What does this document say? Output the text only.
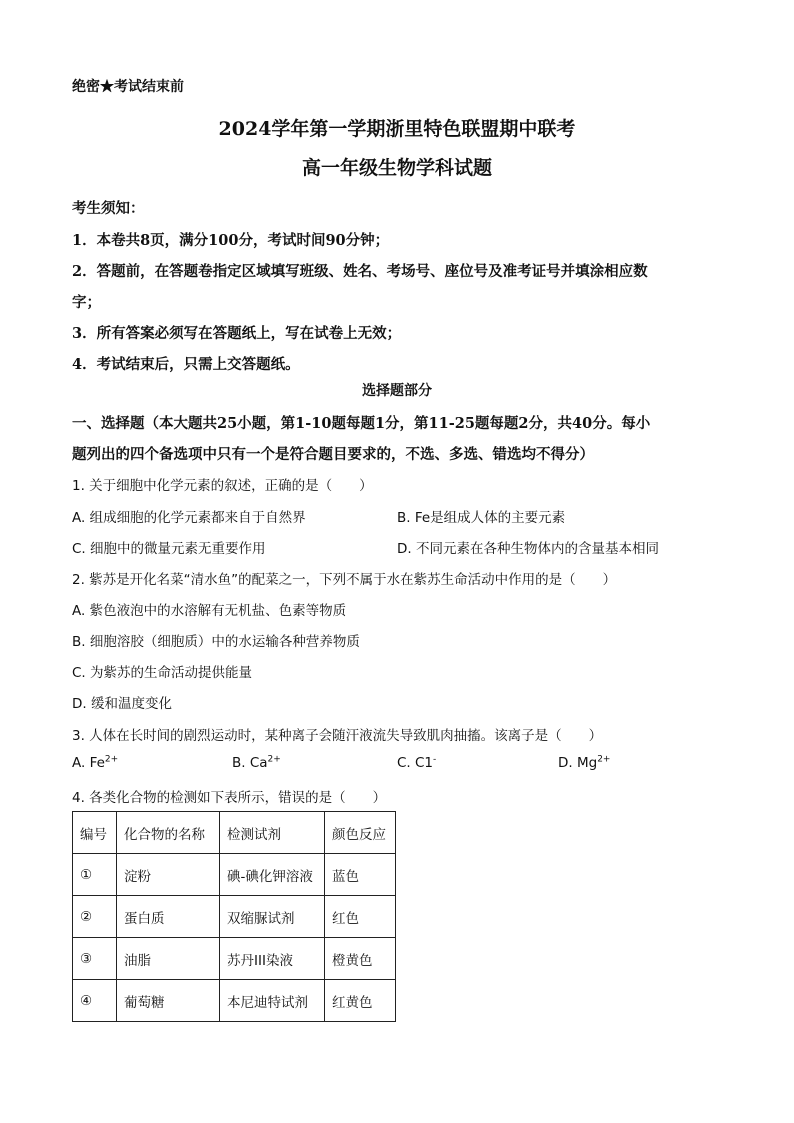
绝密★考试结束前
2024学年第一学期浙里特色联盟期中联考
高一年级生物学科试题
考生须知：
1．本卷共8页，满分100分，考试时间90分钟；
2．答题前，在答题卷指定区域填写班级、姓名、考场号、座位号及准考证号并填涂相应数
字；
3．所有答案必须写在答题纸上，写在试卷上无效；
4．考试结束后，只需上交答题纸。
选择题部分
一、选择题（本大题共25小题，第1-10题每题1分，第11-25题每题2分，共40分。每小
题列出的四个备选项中只有一个是符合题目要求的，不选、多选、错选均不得分）
1. 关于细胞中化学元素的叙述，正确的是（　　）
A. 组成细胞的化学元素都来自于自然界	B. Fe是组成人体的主要元素
C. 细胞中的微量元素无重要作用	D. 不同元素在各种生物体内的含量基本相同
2. 紫苏是开化名菜“清水鱼”的配菜之一，下列不属于水在紫苏生命活动中作用的是（　　）
A. 紫色液泡中的水溶解有无机盐、色素等物质
B. 细胞溶胶（细胞质）中的水运输各种营养物质
C. 为紫苏的生命活动提供能量
D. 缓和温度变化
3. 人体在长时间的剧烈运动时，某种离子会随汗液流失导致肌肉抽搐。该离子是（　　）
A. $Fe^{2+}$	B. $Ca^{2+}$	C. C1-	D. $Mg^{2+}$
4. 各类化合物的检测如下表所示，错误的是（　　）
编号	化合物的名称	检测试剂	颜色反应
①	淀粉	碘-碘化钾溶液	蓝色
②	蛋白质	双缩脲试剂	红色
③	油脂	苏丹III染液	橙黄色
④	葡萄糖	本尼迪特试剂	红黄色
